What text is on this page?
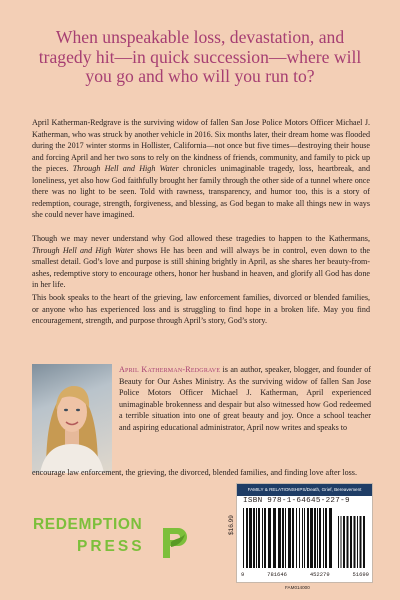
When unspeakable loss, devastation, and tragedy hit—in quick succession—where will you go and who will you run to?

April Katherman-Redgrave is the surviving widow of fallen San Jose Police Motors Officer Michael J. Katherman, who was struck by another vehicle in 2016. Six months later, their dream home was flooded during the 2017 winter storms in Hollister, California—not once but five times—destroying their house and forcing April and her two sons to rely on the kindness of friends, community, and family to pick up the pieces. Through Hell and High Water chronicles unimaginable tragedy, loss, heartbreak, and loneliness, yet also how God faithfully brought her family through the other side of a tunnel where once there was no light to be seen. Told with rawness, transparency, and humor too, this is a story of redemption, courage, strength, forgiveness, and blessing, as God began to make all things new in ways she could never have imagined.

Though we may never understand why God allowed these tragedies to happen to the Kathermans, Through Hell and High Water shows He has been and will always be in control, even down to the smallest detail. God’s love and purpose is still shining brightly in April, as she shares her beauty-from-ashes, redemptive story to encourage others, honor her husband in heaven, and glorify all God has done in her life.

This book speaks to the heart of the grieving, law enforcement families, divorced or blended families, or anyone who has experienced loss and is struggling to find hope in a broken life. May you find encouragement, strength, and purpose through April’s story, God’s story.

April Katherman-Redgrave is an author, speaker, blogger, and founder of Beauty for Our Ashes Ministry. As the surviving widow of fallen San Jose Police Motors Officer Michael J. Katherman, April experienced unimaginable brokenness and despair but also witnessed how God redeemed a terrible situation into one of great beauty and joy. Once a school teacher and aspiring educational administrator, April now writes and speaks to

encourage law enforcement, the grieving, the divorced, blended families, and finding love after loss.

REDEMPTION
PRESS
$16.99
FAMILY & RELATIONSHIPS/Death, Grief, Bereavement
ISBN 978-1-64645-227-9
9	781646	452279	51699
FAM014000
